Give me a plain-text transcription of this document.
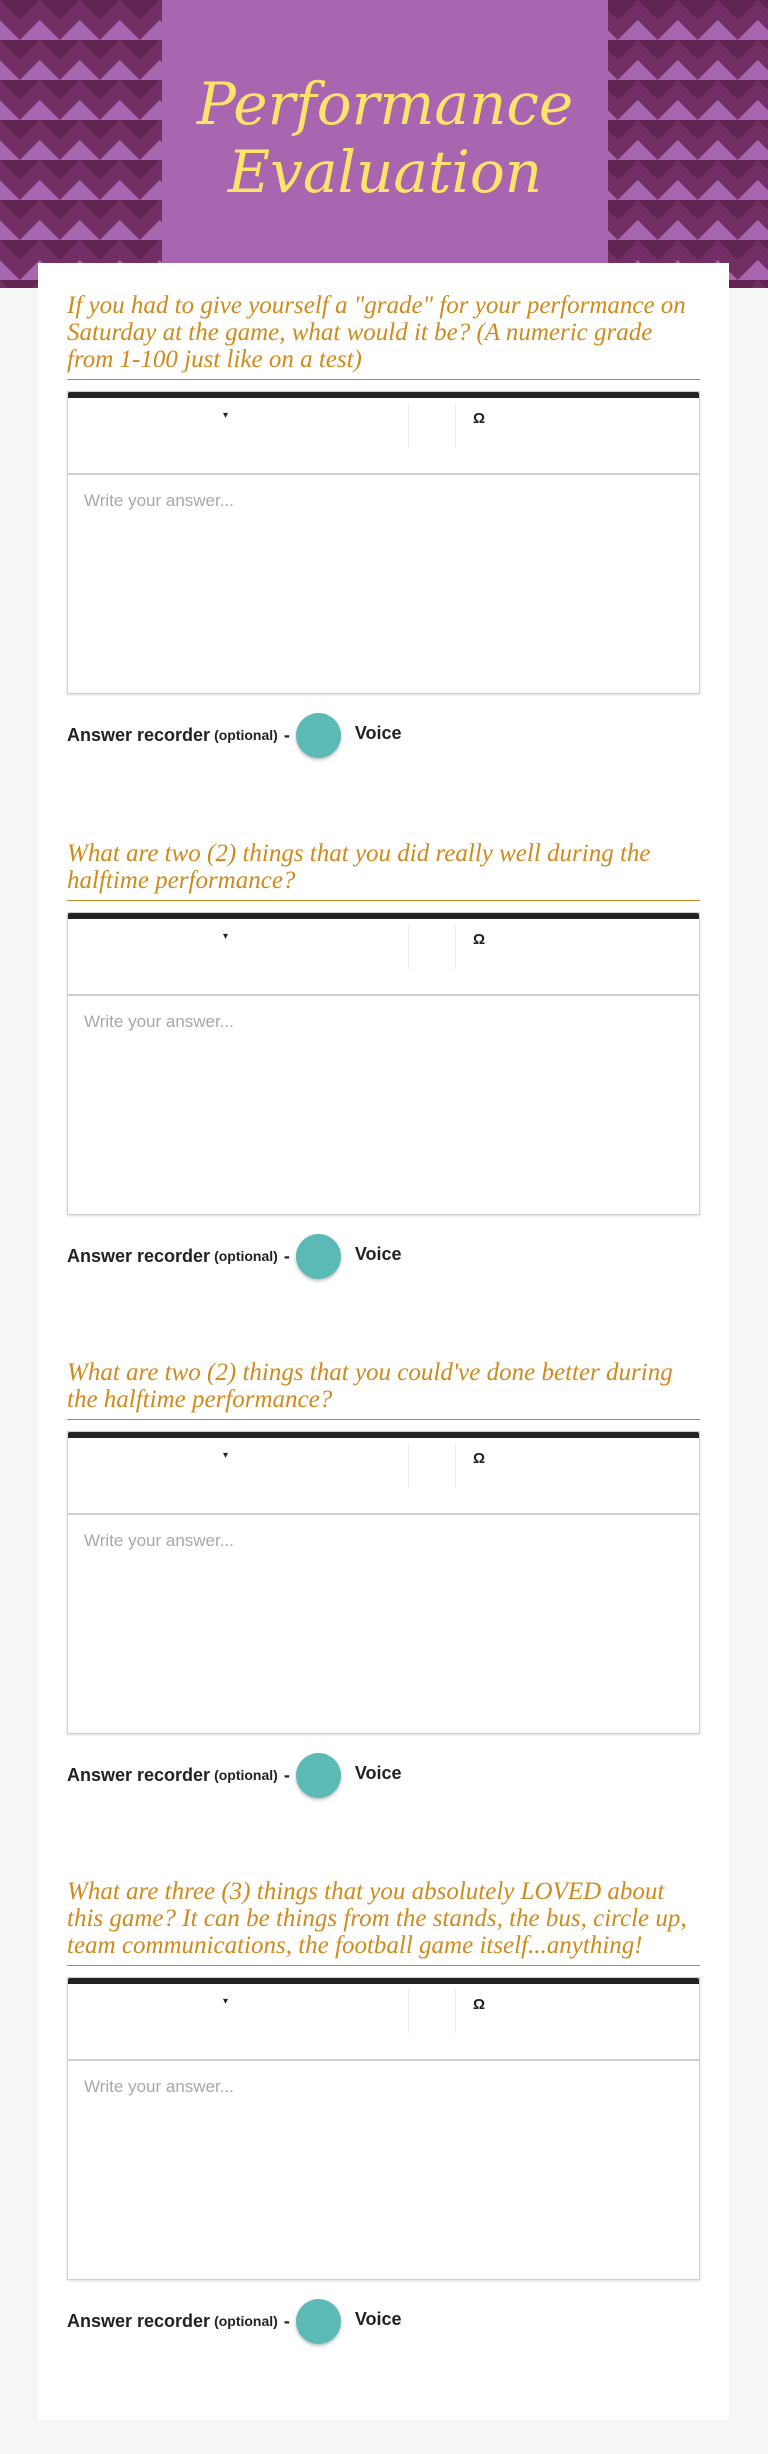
Performance
Evaluation
If you had to give yourself a "grade" for your performance on Saturday at the game, what would it be? (A numeric grade from 1-100 just like on a test)
▾	Ω
Write your answer...
Answer recorder (optional) -	Voice
What are two (2) things that you did really well during the halftime performance?
▾	Ω
Write your answer...
Answer recorder (optional) -	Voice
What are two (2) things that you could've done better during the halftime performance?
▾	Ω
Write your answer...
Answer recorder (optional) -	Voice
What are three (3) things that you absolutely LOVED about this game? It can be things from the stands, the bus, circle up, team communications, the football game itself...anything!
▾	Ω
Write your answer...
Answer recorder (optional) -	Voice
